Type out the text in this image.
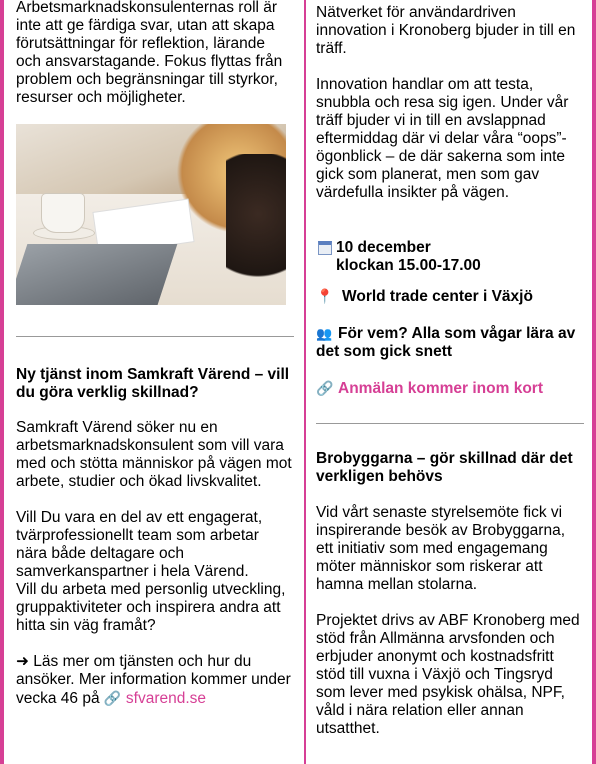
Arbetsmarknadskonsulenternas roll är inte att ge färdiga svar, utan att skapa förutsättningar för reflektion, lärande och ansvarstagande. Fokus flyttas från problem och begränsningar till styrkor, resurser och möjligheter.

Ny tjänst inom Samkraft Värend – vill du göra verklig skillnad?

Samkraft Värend söker nu en arbetsmarknadskonsulent som vill vara med och stötta människor på vägen mot arbete, studier och ökad livskvalitet.

Vill Du vara en del av ett engagerat, tvärprofessionellt team som arbetar nära både deltagare och samverkanspartner i hela Värend.

Vill du arbeta med personlig utveckling, gruppaktiviteter och inspirera andra att hitta sin väg framåt?

➜ Läs mer om tjänsten och hur du ansöker. Mer information kommer under vecka 46 på 🔗 sfvarend.se

Nätverket för användardriven innovation i Kronoberg bjuder in till en träff.

Innovation handlar om att testa, snubbla och resa sig igen. Under vår träff bjuder vi in till en avslappnad eftermiddag där vi delar våra “oops”-ögonblick – de där sakerna som inte gick som planerat, men som gav värdefulla insikter på vägen.

10 december
klockan 15.00-17.00

📍 World trade center i Växjö

👥 För vem? Alla som vågar lära av det som gick snett

🔗 Anmälan kommer inom kort

Brobyggarna – gör skillnad där det verkligen behövs

Vid vårt senaste styrelsemöte fick vi inspirerande besök av Brobyggarna, ett initiativ som med engagemang möter människor som riskerar att hamna mellan stolarna.

Projektet drivs av ABF Kronoberg med stöd från Allmänna arvsfonden och erbjuder anonymt och kostnadsfritt stöd till vuxna i Växjö och Tingsryd som lever med psykisk ohälsa, NPF, våld i nära relation eller annan utsatthet.
